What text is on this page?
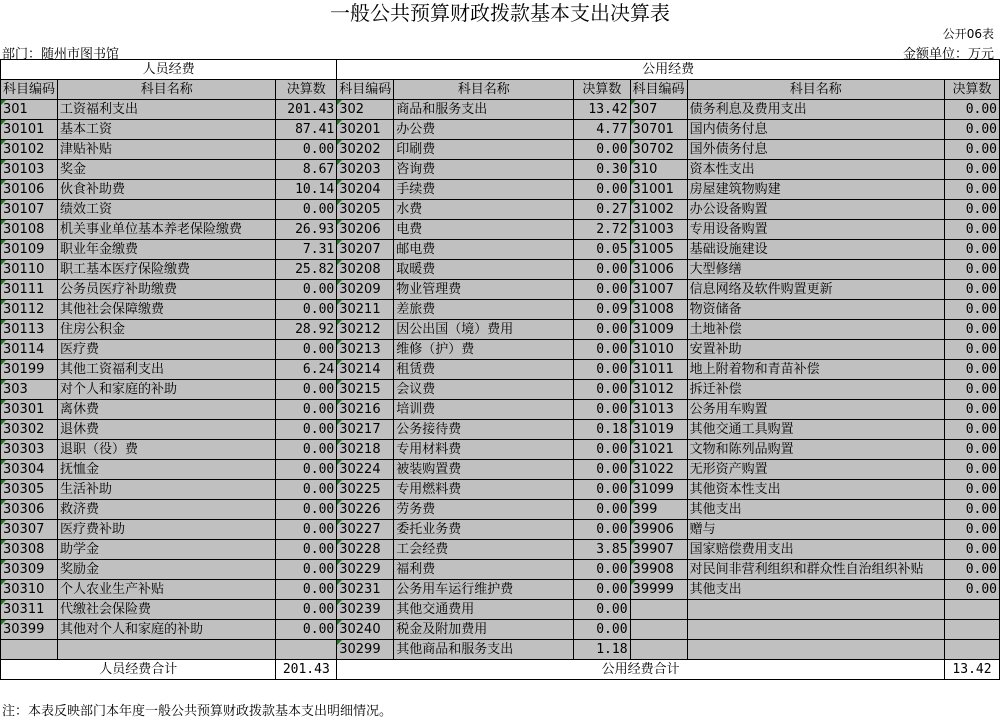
一般公共预算财政拨款基本支出决算表
公开06表
部门：随州市图书馆	金额单位：万元
人员经费			公用经费					
科目编码	科目名称	决算数	科目编码	科目名称	决算数	科目编码	科目名称	决算数
301	工资福利支出	201.43	302	商品和服务支出	13.42	307	债务利息及费用支出	0.00
30101	基本工资	87.41	30201	办公费	4.77	30701	国内债务付息	0.00
30102	津贴补贴	0.00	30202	印刷费	0.00	30702	国外债务付息	0.00
30103	奖金	8.67	30203	咨询费	0.30	310	资本性支出	0.00
30106	伙食补助费	10.14	30204	手续费	0.00	31001	房屋建筑物购建	0.00
30107	绩效工资	0.00	30205	水费	0.27	31002	办公设备购置	0.00
30108	机关事业单位基本养老保险缴费	26.93	30206	电费	2.72	31003	专用设备购置	0.00
30109	职业年金缴费	7.31	30207	邮电费	0.05	31005	基础设施建设	0.00
30110	职工基本医疗保险缴费	25.82	30208	取暖费	0.00	31006	大型修缮	0.00
30111	公务员医疗补助缴费	0.00	30209	物业管理费	0.00	31007	信息网络及软件购置更新	0.00
30112	其他社会保障缴费	0.00	30211	差旅费	0.09	31008	物资储备	0.00
30113	住房公积金	28.92	30212	因公出国（境）费用	0.00	31009	土地补偿	0.00
30114	医疗费	0.00	30213	维修（护）费	0.00	31010	安置补助	0.00
30199	其他工资福利支出	6.24	30214	租赁费	0.00	31011	地上附着物和青苗补偿	0.00
303	对个人和家庭的补助	0.00	30215	会议费	0.00	31012	拆迁补偿	0.00
30301	离休费	0.00	30216	培训费	0.00	31013	公务用车购置	0.00
30302	退休费	0.00	30217	公务接待费	0.18	31019	其他交通工具购置	0.00
30303	退职（役）费	0.00	30218	专用材料费	0.00	31021	文物和陈列品购置	0.00
30304	抚恤金	0.00	30224	被装购置费	0.00	31022	无形资产购置	0.00
30305	生活补助	0.00	30225	专用燃料费	0.00	31099	其他资本性支出	0.00
30306	救济费	0.00	30226	劳务费	0.00	399	其他支出	0.00
30307	医疗费补助	0.00	30227	委托业务费	0.00	39906	赠与	0.00
30308	助学金	0.00	30228	工会经费	3.85	39907	国家赔偿费用支出	0.00
30309	奖励金	0.00	30229	福利费	0.00	39908	对民间非营利组织和群众性自治组织补贴	0.00
30310	个人农业生产补贴	0.00	30231	公务用车运行维护费	0.00	39999	其他支出	0.00
30311	代缴社会保险费	0.00	30239	其他交通费用	0.00			
30399	其他对个人和家庭的补助	0.00	30240	税金及附加费用	0.00			
			30299	其他商品和服务支出	1.18			
人员经费合计		201.43	公用经费合计					13.42
注：本表反映部门本年度一般公共预算财政拨款基本支出明细情况。
